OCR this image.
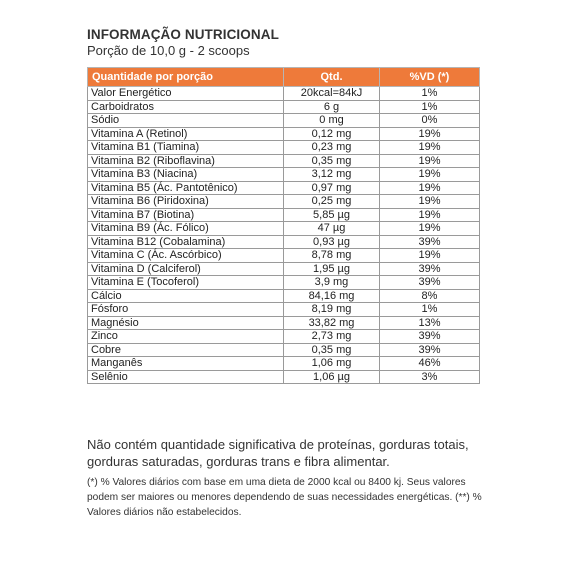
INFORMAÇÃO NUTRICIONAL
Porção de 10,0 g - 2 scoops
Quantidade por porção	Qtd.	%VD (*)
Valor Energético	20kcal=84kJ	1%
Carboidratos	6 g	1%
Sódio	0 mg	0%
Vitamina A (Retinol)	0,12 mg	19%
Vitamina B1 (Tiamina)	0,23 mg	19%
Vitamina B2 (Riboflavina)	0,35 mg	19%
Vitamina B3 (Niacina)	3,12 mg	19%
Vitamina B5 (Ác. Pantotênico)	0,97 mg	19%
Vitamina B6 (Piridoxina)	0,25 mg	19%
Vitamina B7 (Biotina)	5,85 µg	19%
Vitamina B9 (Ác. Fólico)	47 µg	19%
Vitamina B12 (Cobalamina)	0,93 µg	39%
Vitamina C (Ác. Ascórbico)	8,78 mg	19%
Vitamina D (Calciferol)	1,95 µg	39%
Vitamina E (Tocoferol)	3,9 mg	39%
Cálcio	84,16 mg	8%
Fósforo	8,19 mg	1%
Magnésio	33,82 mg	13%
Zinco	2,73 mg	39%
Cobre	0,35 mg	39%
Manganês	1,06 mg	46%
Selênio	1,06 µg	3%
Não contém quantidade significativa de proteínas, gorduras totais, gorduras saturadas, gorduras trans e fibra alimentar.
(*) % Valores diários com base em uma dieta de 2000 kcal ou 8400 kj. Seus valores podem ser maiores ou menores dependendo de suas necessidades energéticas. (**) % Valores diários não estabelecidos.
